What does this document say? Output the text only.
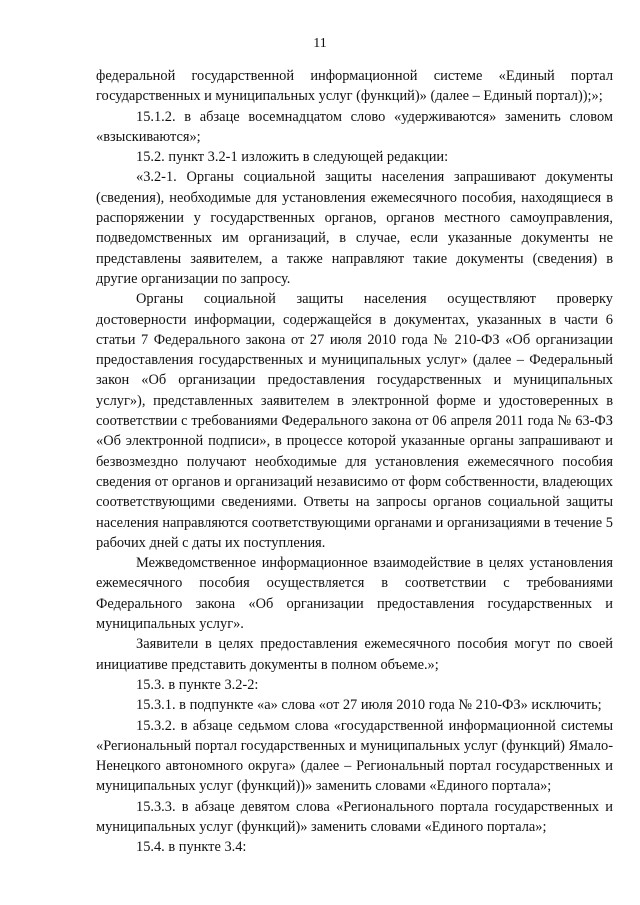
11

федеральной государственной информационной системе «Единый портал государственных и муниципальных услуг (функций)» (далее – Единый портал));»;

15.1.2. в абзаце восемнадцатом слово «удерживаются» заменить словом «взыскиваются»;

15.2. пункт 3.2-1 изложить в следующей редакции:

«3.2-1. Органы социальной защиты населения запрашивают документы (сведения), необходимые для установления ежемесячного пособия, находящиеся в распоряжении у государственных органов, органов местного самоуправления, подведомственных им организаций, в случае, если указанные документы не представлены заявителем, а также направляют такие документы (сведения) в другие организации по запросу.

Органы социальной защиты населения осуществляют проверку достоверности информации, содержащейся в документах, указанных в части 6 статьи 7 Федерального закона от 27 июля 2010 года № 210-ФЗ «Об организации предоставления государственных и муниципальных услуг» (далее – Федеральный закон «Об организации предоставления государственных и муниципальных услуг»), представленных заявителем в электронной форме и удостоверенных в соответствии с требованиями Федерального закона от 06 апреля 2011 года № 63-ФЗ «Об электронной подписи», в процессе которой указанные органы запрашивают и безвозмездно получают необходимые для установления ежемесячного пособия сведения от органов и организаций независимо от форм собственности, владеющих соответствующими сведениями. Ответы на запросы органов социальной защиты населения направляются соответствующими органами и организациями в течение 5 рабочих дней с даты их поступления.

Межведомственное информационное взаимодействие в целях установления ежемесячного пособия осуществляется в соответствии с требованиями Федерального закона «Об организации предоставления государственных и муниципальных услуг».

Заявители в целях предоставления ежемесячного пособия могут по своей инициативе представить документы в полном объеме.»;

15.3. в пункте 3.2-2:

15.3.1. в подпункте «а» слова «от 27 июля 2010 года № 210-ФЗ» исключить;

15.3.2. в абзаце седьмом слова «государственной информационной системы «Региональный портал государственных и муниципальных услуг (функций) Ямало-Ненецкого автономного округа» (далее – Региональный портал государственных и муниципальных услуг (функций))» заменить словами «Единого портала»;

15.3.3. в абзаце девятом слова «Регионального портала государственных и муниципальных услуг (функций)» заменить словами «Единого портала»;

15.4. в пункте 3.4:
